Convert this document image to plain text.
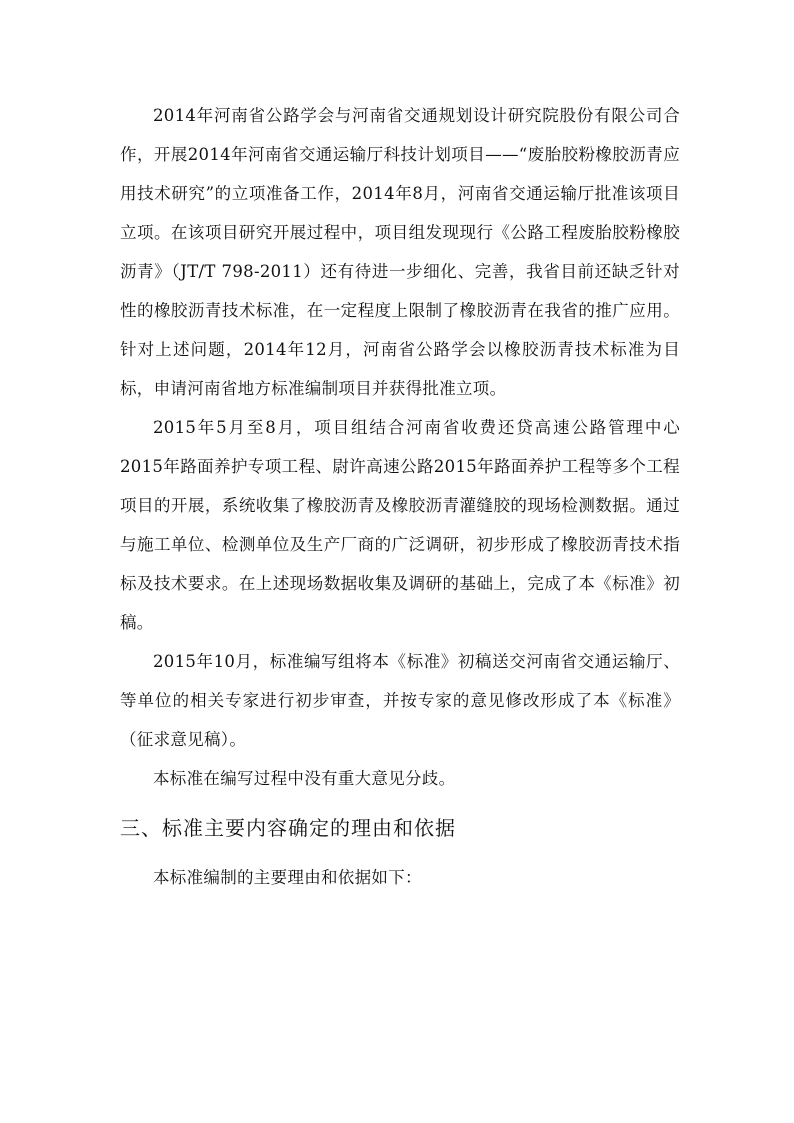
2014年河南省公路学会与河南省交通规划设计研究院股份有限公司合作，开展2014年河南省交通运输厅科技计划项目——“废胎胶粉橡胶沥青应用技术研究”的立项准备工作，2014年8月，河南省交通运输厅批准该项目立项。在该项目研究开展过程中，项目组发现现行《公路工程废胎胶粉橡胶沥青》（JT/T 798-2011）还有待进一步细化、完善，我省目前还缺乏针对性的橡胶沥青技术标准，在一定程度上限制了橡胶沥青在我省的推广应用。针对上述问题，2014年12月，河南省公路学会以橡胶沥青技术标准为目标，申请河南省地方标准编制项目并获得批准立项。

2015年5月至8月，项目组结合河南省收费还贷高速公路管理中心2015年路面养护专项工程、尉许高速公路2015年路面养护工程等多个工程项目的开展，系统收集了橡胶沥青及橡胶沥青灌缝胶的现场检测数据。通过与施工单位、检测单位及生产厂商的广泛调研，初步形成了橡胶沥青技术指标及技术要求。在上述现场数据收集及调研的基础上，完成了本《标准》初稿。

2015年10月，标准编写组将本《标准》初稿送交河南省交通运输厅、等单位的相关专家进行初步审查，并按专家的意见修改形成了本《标准》（征求意见稿）。

本标准在编写过程中没有重大意见分歧。

三、标准主要内容确定的理由和依据

本标准编制的主要理由和依据如下：
